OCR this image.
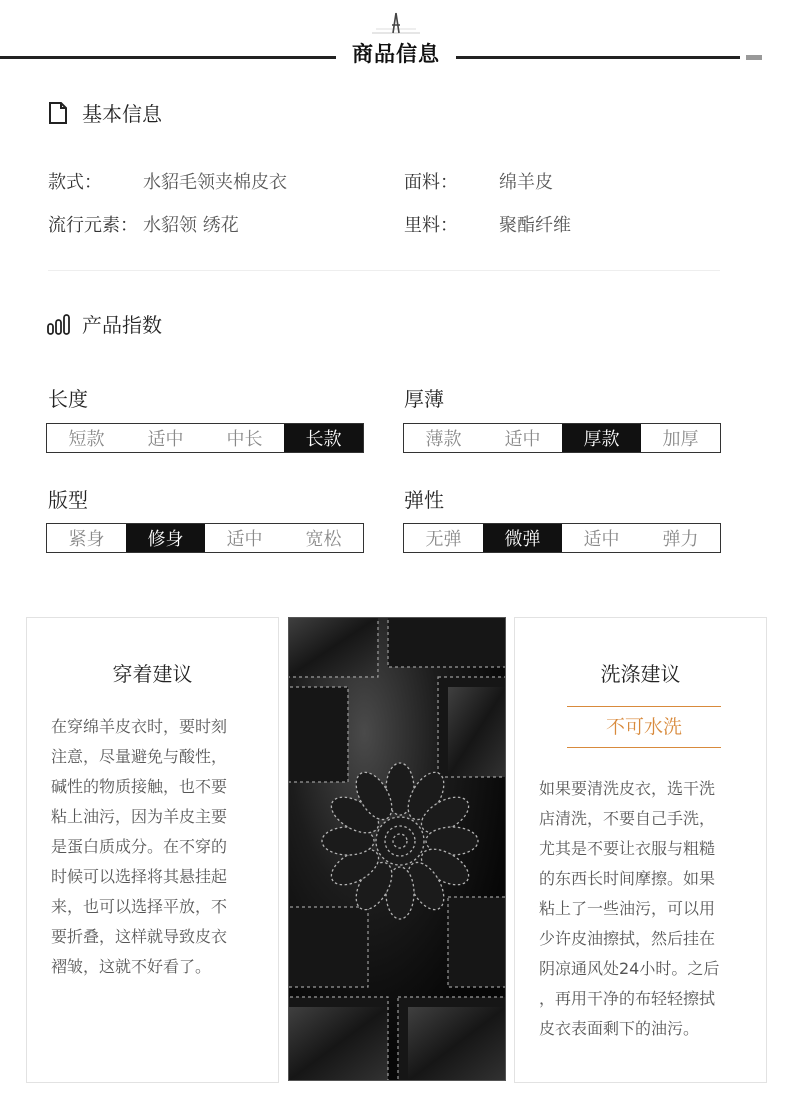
商品信息
基本信息
款式： 水貂毛领夹棉皮衣	面料： 绵羊皮
流行元素： 水貂领 绣花	里料： 聚酯纤维
产品指数
长度
短款	适中	中长	长款
厚薄
薄款	适中	厚款	加厚
版型
紧身	修身	适中	宽松
弹性
无弹	微弹	适中	弹力
穿着建议
在穿绵羊皮衣时，要时刻
注意，尽量避免与酸性，
碱性的物质接触，也不要
粘上油污，因为羊皮主要
是蛋白质成分。在不穿的
时候可以选择将其悬挂起
来，也可以选择平放，不
要折叠，这样就导致皮衣
褶皱，这就不好看了。
洗涤建议
不可水洗
如果要清洗皮衣，选干洗
店清洗，不要自己手洗，
尤其是不要让衣服与粗糙
的东西长时间摩擦。如果
粘上了一些油污，可以用
少许皮油擦拭，然后挂在
阴凉通风处24小时。之后
，再用干净的布轻轻擦拭
皮衣表面剩下的油污。
